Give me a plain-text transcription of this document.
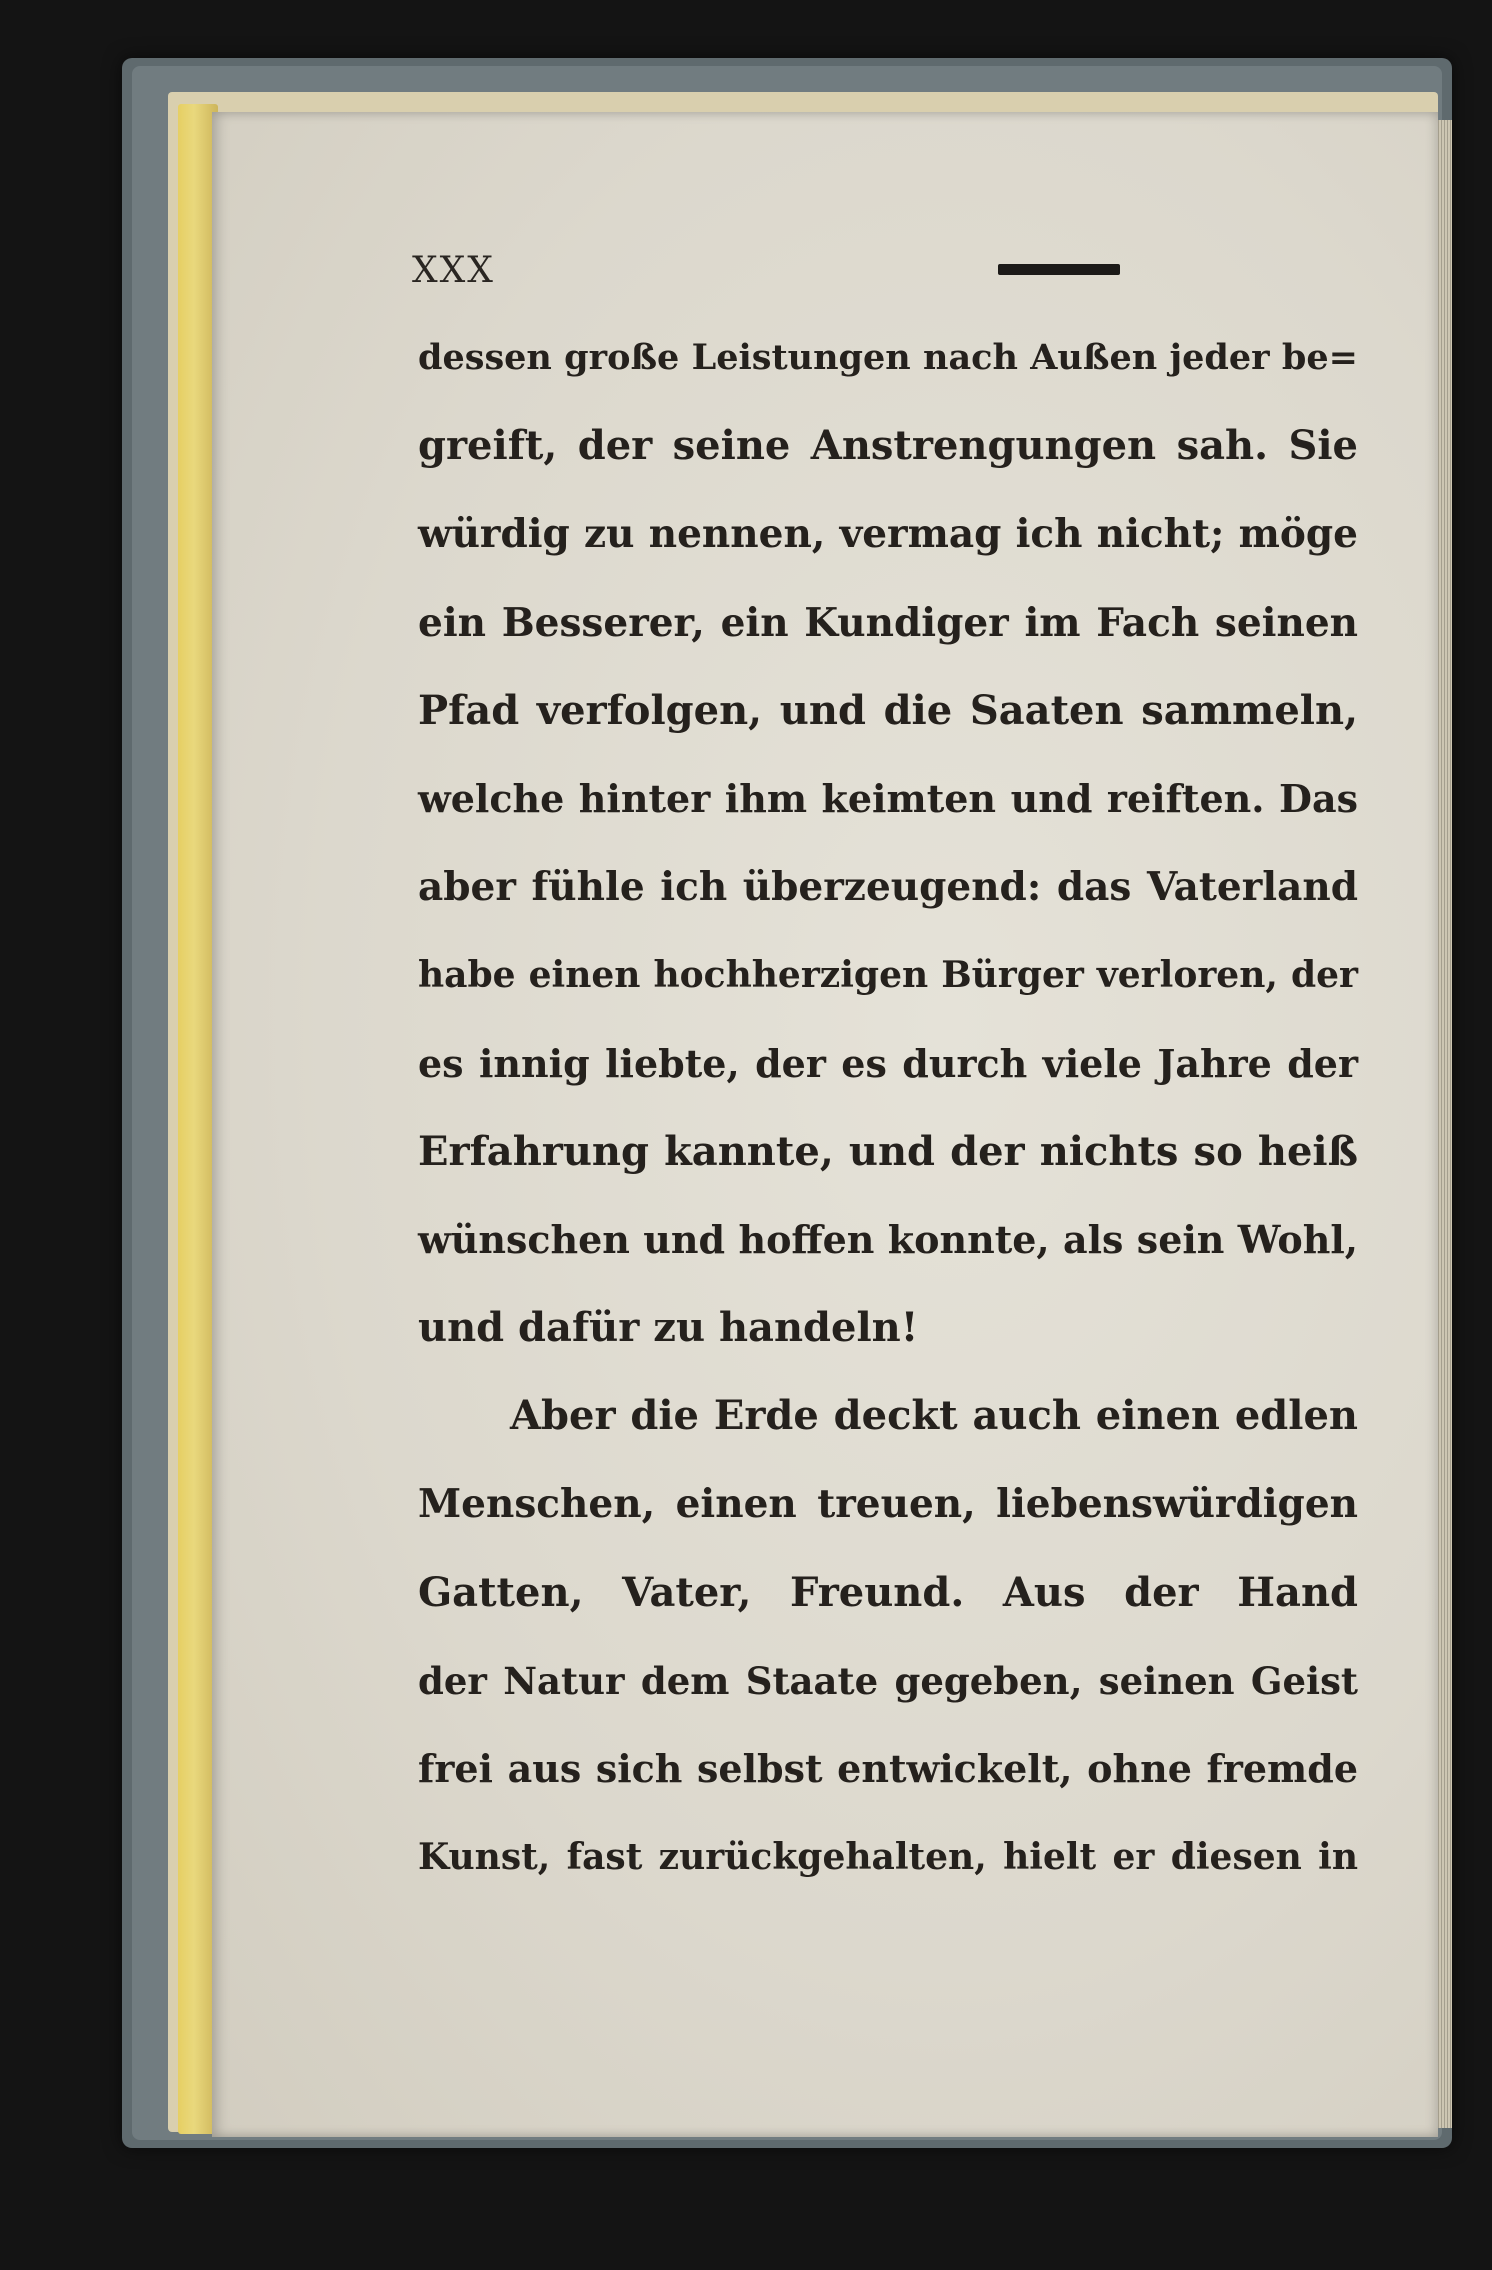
XXX
dessen große Leistungen nach Außen jeder be=
greift, der seine Anstrengungen sah. Sie
würdig zu nennen, vermag ich nicht; möge
ein Besserer, ein Kundiger im Fach seinen
Pfad verfolgen, und die Saaten sammeln,
welche hinter ihm keimten und reiften. Das
aber fühle ich überzeugend: das Vaterland
habe einen hochherzigen Bürger verloren, der
es innig liebte, der es durch viele Jahre der
Erfahrung kannte, und der nichts so heiß
wünschen und hoffen konnte, als sein Wohl,
und dafür zu handeln!
Aber die Erde deckt auch einen edlen
Menschen, einen treuen, liebenswürdigen
Gatten, Vater, Freund. Aus der Hand
der Natur dem Staate gegeben, seinen Geist
frei aus sich selbst entwickelt, ohne fremde
Kunst, fast zurückgehalten, hielt er diesen in
